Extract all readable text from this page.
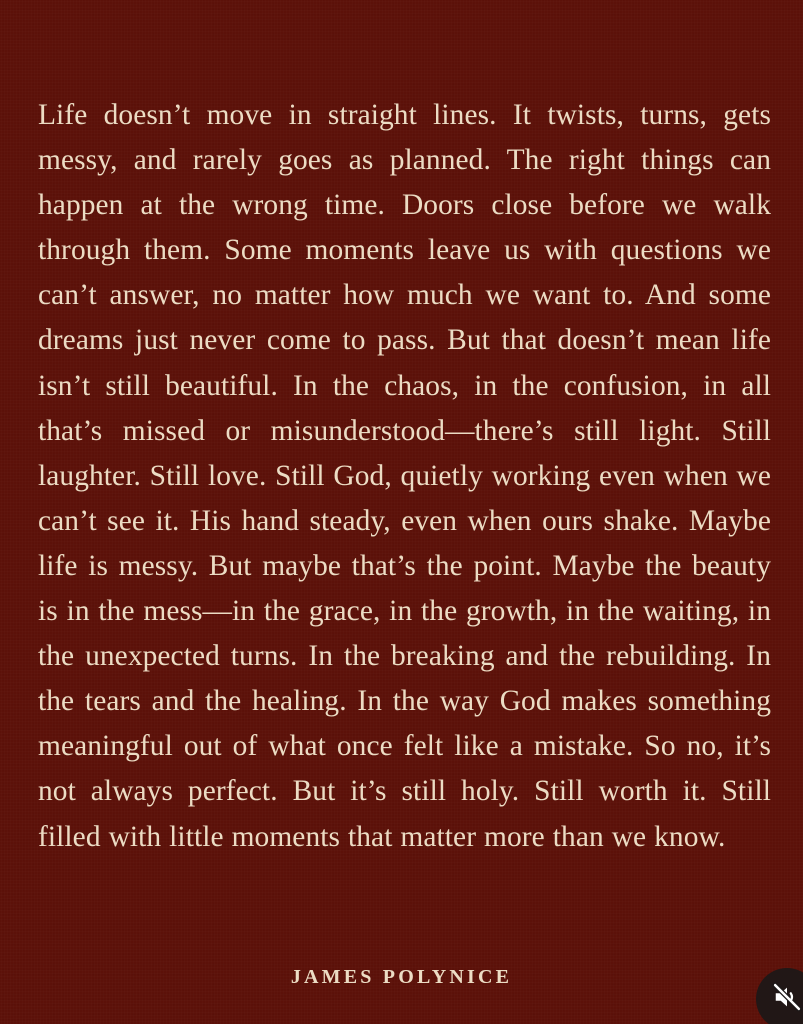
Life doesn’t move in straight lines. It twists, turns, gets messy, and rarely goes as planned. The right things can happen at the wrong time. Doors close before we walk through them. Some moments leave us with questions we can’t answer, no matter how much we want to. And some dreams just never come to pass. But that doesn’t mean life isn’t still beautiful. In the chaos, in the confusion, in all that’s missed or misunderstood—there’s still light. Still laughter. Still love. Still God, quietly working even when we can’t see it. His hand steady, even when ours shake. Maybe life is messy. But maybe that’s the point. Maybe the beauty is in the mess—in the grace, in the growth, in the waiting, in the unexpected turns. In the breaking and the rebuilding. In the tears and the healing. In the way God makes something meaningful out of what once felt like a mistake. So no, it’s not always perfect. But it’s still holy. Still worth it. Still filled with little moments that matter more than we know.

JAMES POLYNICE
